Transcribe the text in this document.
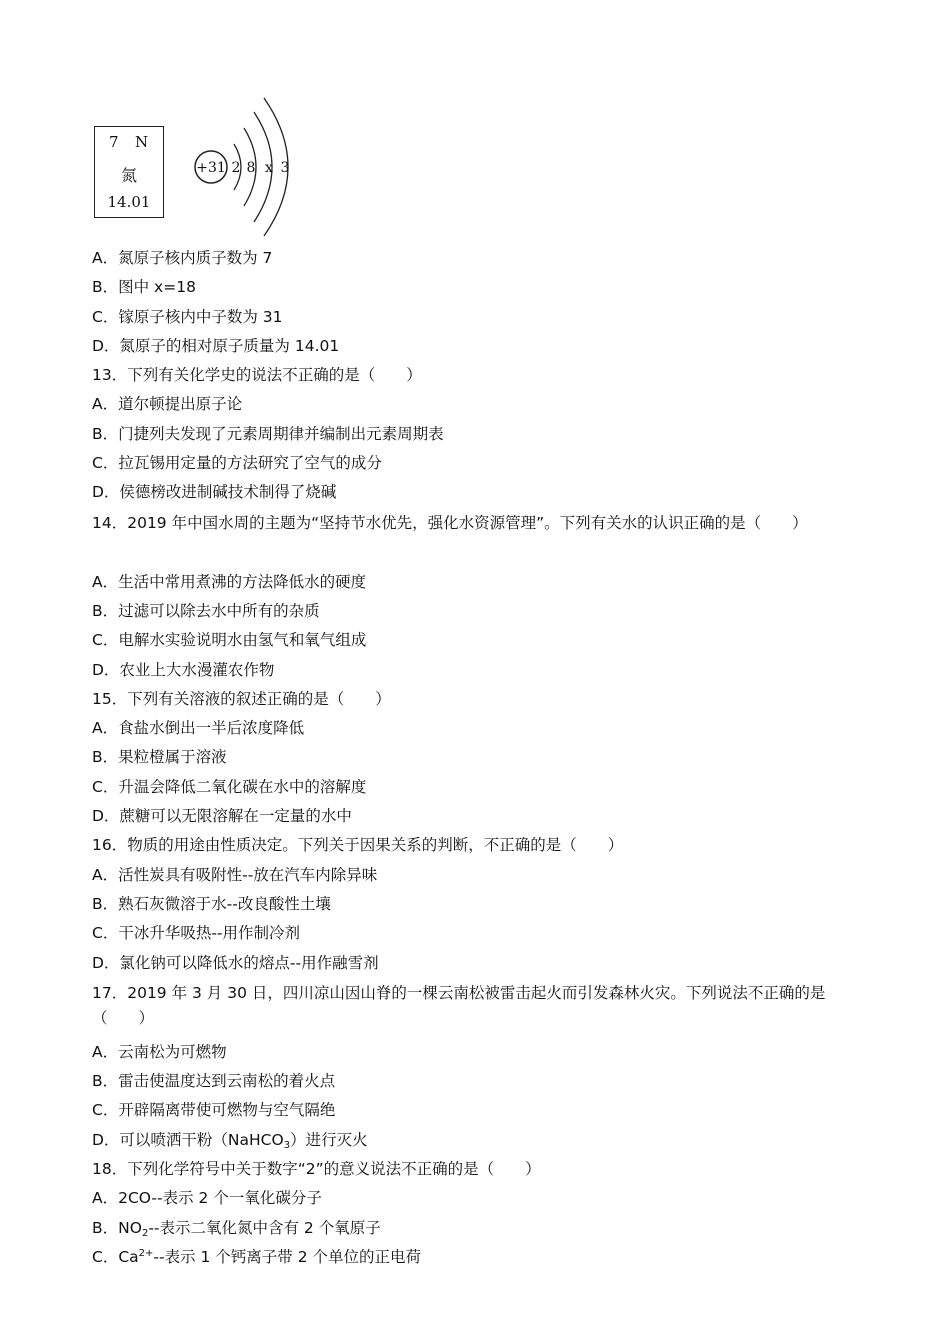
7 N
氮
14.01
+31 2 8 x 3
A．氮原子核内质子数为 7
B．图中 x=18
C．镓原子核内中子数为 31
D．氮原子的相对原子质量为 14.01
13．下列有关化学史的说法不正确的是（　　）
A．道尔顿提出原子论
B．门捷列夫发现了元素周期律并编制出元素周期表
C．拉瓦锡用定量的方法研究了空气的成分
D．侯德榜改进制碱技术制得了烧碱
14．2019 年中国水周的主题为“坚持节水优先，强化水资源管理”。下列有关水的认识正确的是（　　）
A．生活中常用煮沸的方法降低水的硬度
B．过滤可以除去水中所有的杂质
C．电解水实验说明水由氢气和氧气组成
D．农业上大水漫灌农作物
15．下列有关溶液的叙述正确的是（　　）
A．食盐水倒出一半后浓度降低
B．果粒橙属于溶液
C．升温会降低二氧化碳在水中的溶解度
D．蔗糖可以无限溶解在一定量的水中
16．物质的用途由性质决定。下列关于因果关系的判断，不正确的是（　　）
A．活性炭具有吸附性--放在汽车内除异味
B．熟石灰微溶于水--改良酸性土壤
C．干冰升华吸热--用作制冷剂
D．氯化钠可以降低水的熔点--用作融雪剂
17．2019 年 3 月 30 日，四川凉山因山脊的一棵云南松被雷击起火而引发森林火灾。下列说法不正确的是（　　）
A．云南松为可燃物
B．雷击使温度达到云南松的着火点
C．开辟隔离带使可燃物与空气隔绝
D．可以喷洒干粉（NaHCO$_3$）进行灭火
18．下列化学符号中关于数字“2”的意义说法不正确的是（　　）
A．2CO--表示 2 个一氧化碳分子
B．$NO_2--$表示二氧化氮中含有 2 个氧原子
C．$Ca^{2+}--$表示 1 个钙离子带 2 个单位的正电荷
